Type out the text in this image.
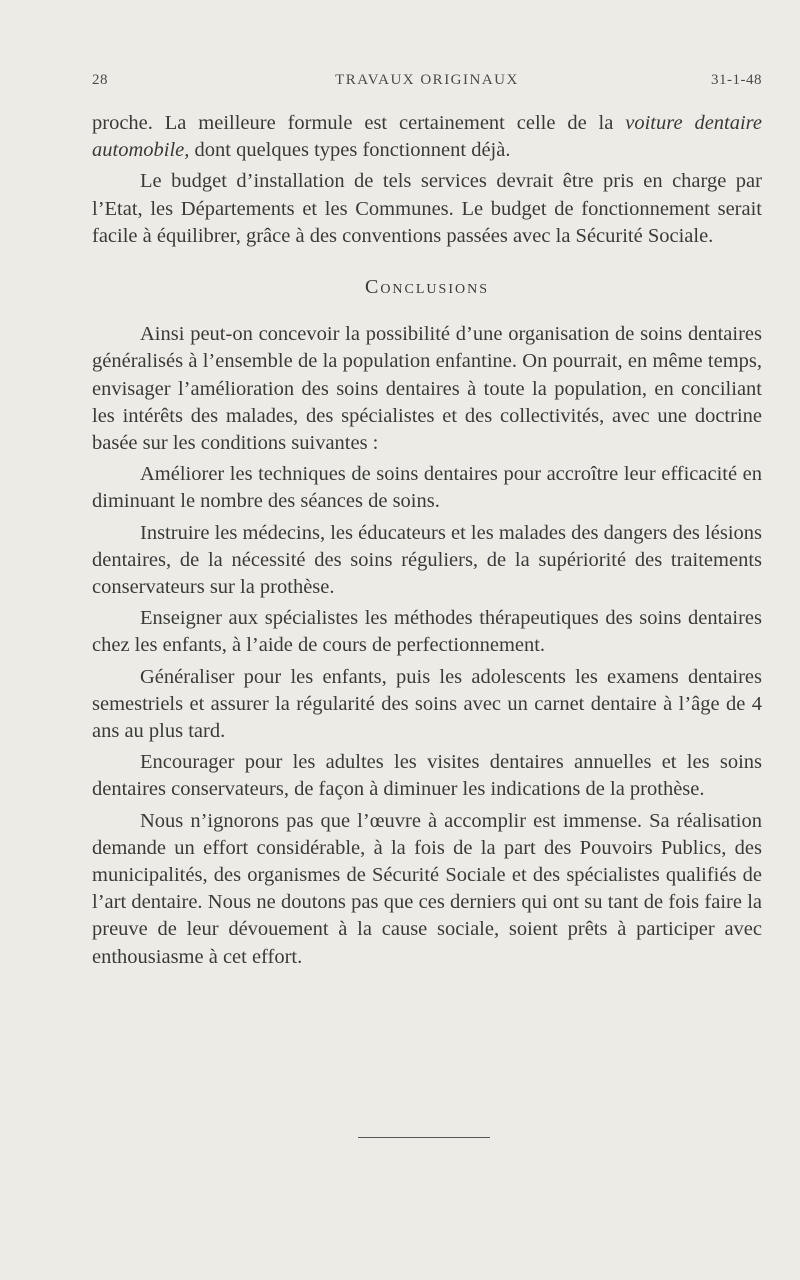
28	TRAVAUX ORIGINAUX	31-1-48

proche. La meilleure formule est certainement celle de la voiture dentaire automobile, dont quelques types fonctionnent déjà.

Le budget d’installation de tels services devrait être pris en charge par l’Etat, les Départements et les Communes. Le budget de fonctionnement serait facile à équilibrer, grâce à des conventions passées avec la Sécurité Sociale.

Conclusions

Ainsi peut-on concevoir la possibilité d’une organisation de soins dentaires généralisés à l’ensemble de la population enfantine. On pourrait, en même temps, envisager l’amélioration des soins dentaires à toute la population, en conciliant les intérêts des malades, des spécialistes et des collectivités, avec une doctrine basée sur les conditions suivantes :

Améliorer les techniques de soins dentaires pour accroître leur efficacité en diminuant le nombre des séances de soins.

Instruire les médecins, les éducateurs et les malades des dangers des lésions dentaires, de la nécessité des soins réguliers, de la supériorité des traitements conservateurs sur la prothèse.

Enseigner aux spécialistes les méthodes thérapeutiques des soins dentaires chez les enfants, à l’aide de cours de perfectionnement.

Généraliser pour les enfants, puis les adolescents les examens dentaires semestriels et assurer la régularité des soins avec un carnet dentaire à l’âge de 4 ans au plus tard.

Encourager pour les adultes les visites dentaires annuelles et les soins dentaires conservateurs, de façon à diminuer les indications de la prothèse.

Nous n’ignorons pas que l’œuvre à accomplir est immense. Sa réalisation demande un effort considérable, à la fois de la part des Pouvoirs Publics, des municipalités, des organismes de Sécurité Sociale et des spécialistes qualifiés de l’art dentaire. Nous ne doutons pas que ces derniers qui ont su tant de fois faire la preuve de leur dévouement à la cause sociale, soient prêts à participer avec enthousiasme à cet effort.
